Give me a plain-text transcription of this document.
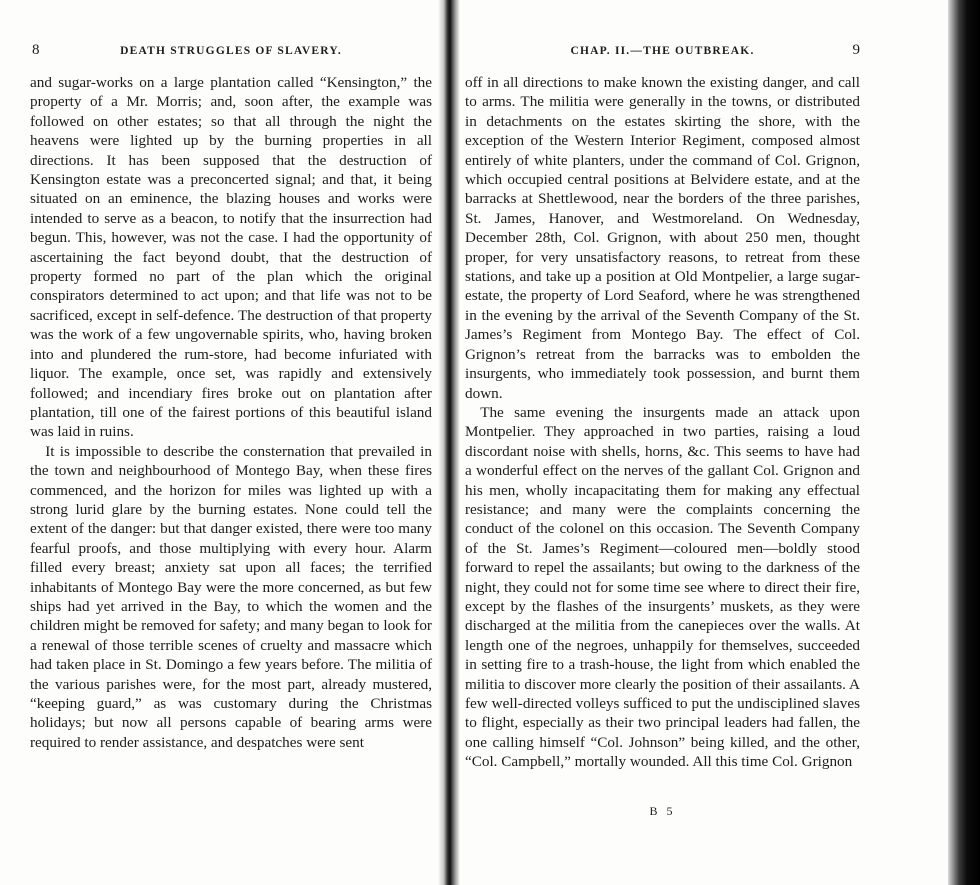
8	DEATH STRUGGLES OF SLAVERY.

and sugar-works on a large plantation called “Kensington,” the property of a Mr. Morris; and, soon after, the example was followed on other estates; so that all through the night the heavens were lighted up by the burning properties in all directions. It has been supposed that the destruction of Kensington estate was a preconcerted signal; and that, it being situated on an eminence, the blazing houses and works were intended to serve as a beacon, to notify that the insurrection had begun. This, however, was not the case. I had the opportunity of ascertaining the fact beyond doubt, that the destruction of property formed no part of the plan which the original conspirators determined to act upon; and that life was not to be sacrificed, except in self-defence. The destruction of that property was the work of a few ungovernable spirits, who, having broken into and plundered the rum-store, had become infuriated with liquor. The example, once set, was rapidly and extensively followed; and incendiary fires broke out on plantation after plantation, till one of the fairest portions of this beautiful island was laid in ruins.

It is impossible to describe the consternation that prevailed in the town and neighbourhood of Montego Bay, when these fires commenced, and the horizon for miles was lighted up with a strong lurid glare by the burning estates. None could tell the extent of the danger: but that danger existed, there were too many fearful proofs, and those multiplying with every hour. Alarm filled every breast; anxiety sat upon all faces; the terrified inhabitants of Montego Bay were the more concerned, as but few ships had yet arrived in the Bay, to which the women and the children might be removed for safety; and many began to look for a renewal of those terrible scenes of cruelty and massacre which had taken place in St. Domingo a few years before. The militia of the various parishes were, for the most part, already mustered, “keeping guard,” as was customary during the Christmas holidays; but now all persons capable of bearing arms were required to render assistance, and despatches were sent

CHAP. II.—THE OUTBREAK.	9

off in all directions to make known the existing danger, and call to arms. The militia were generally in the towns, or distributed in detachments on the estates skirting the shore, with the exception of the Western Interior Regiment, composed almost entirely of white planters, under the command of Col. Grignon, which occupied central positions at Belvidere estate, and at the barracks at Shettlewood, near the borders of the three parishes, St. James, Hanover, and Westmoreland. On Wednesday, December 28th, Col. Grignon, with about 250 men, thought proper, for very unsatisfactory reasons, to retreat from these stations, and take up a position at Old Montpelier, a large sugar-estate, the property of Lord Seaford, where he was strengthened in the evening by the arrival of the Seventh Company of the St. James’s Regiment from Montego Bay. The effect of Col. Grignon’s retreat from the barracks was to embolden the insurgents, who immediately took possession, and burnt them down.

The same evening the insurgents made an attack upon Montpelier. They approached in two parties, raising a loud discordant noise with shells, horns, &c. This seems to have had a wonderful effect on the nerves of the gallant Col. Grignon and his men, wholly incapacitating them for making any effectual resistance; and many were the complaints concerning the conduct of the colonel on this occasion. The Seventh Company of the St. James’s Regiment—coloured men—boldly stood forward to repel the assailants; but owing to the darkness of the night, they could not for some time see where to direct their fire, except by the flashes of the insurgents’ muskets, as they were discharged at the militia from the canepieces over the walls. At length one of the negroes, unhappily for themselves, succeeded in setting fire to a trash-house, the light from which enabled the militia to discover more clearly the position of their assailants. A few well-directed volleys sufficed to put the undisciplined slaves to flight, especially as their two principal leaders had fallen, the one calling himself “Col. Johnson” being killed, and the other, “Col. Campbell,” mortally wounded. All this time Col. Grignon

B 5
